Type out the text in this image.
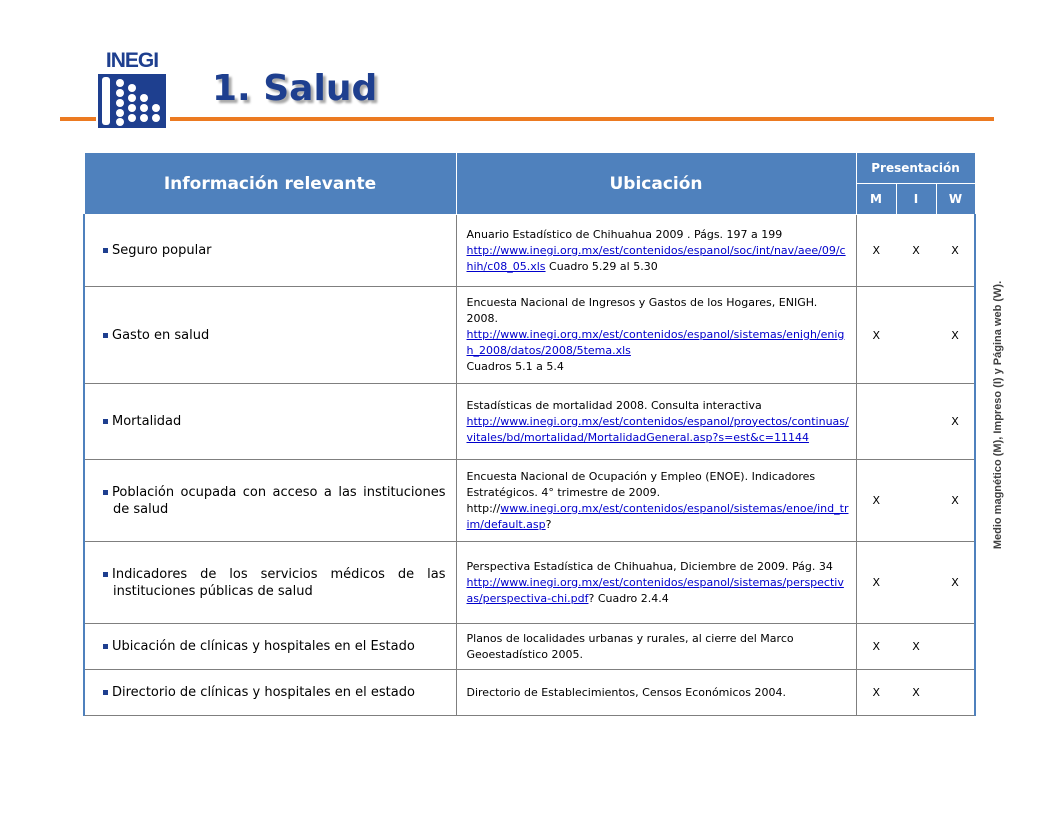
INEGI
1. Salud
Información relevante	Ubicación	Presentación		
		M	I	W

Seguro popular	Anuario Estadístico de Chihuahua 2009 . Págs. 197 a 199
http://www.inegi.org.mx/est/contenidos/espanol/soc/int/nav/aee/09/chih/c08_05.xls Cuadro 5.29 al 5.30	X	X	X

Gasto en salud	Encuesta Nacional de Ingresos y Gastos de los Hogares, ENIGH. 2008.
http://www.inegi.org.mx/est/contenidos/espanol/sistemas/enigh/enigh_2008/datos/2008/5tema.xls
Cuadros 5.1 a 5.4	X		X

Mortalidad	Estadísticas de mortalidad 2008. Consulta interactiva
http://www.inegi.org.mx/est/contenidos/espanol/proyectos/continuas/vitales/bd/mortalidad/MortalidadGeneral.asp?s=est&c=11144			X

Población ocupada con acceso a las instituciones de salud	Encuesta Nacional de Ocupación y Empleo (ENOE). Indicadores Estratégicos. 4° trimestre de 2009.
http://www.inegi.org.mx/est/contenidos/espanol/sistemas/enoe/ind_trim/default.asp?	X		X

Indicadores de los servicios médicos de las instituciones públicas de salud	Perspectiva Estadística de Chihuahua, Diciembre de 2009. Pág. 34
http://www.inegi.org.mx/est/contenidos/espanol/sistemas/perspectivas/perspectiva-chi.pdf? Cuadro 2.4.4	X		X

Ubicación de clínicas y hospitales en el Estado	Planos de localidades urbanas y rurales, al cierre del Marco Geoestadístico 2005.	X	X	

Directorio de clínicas y hospitales en el estado	Directorio de Establecimientos, Censos Económicos 2004.	X	X	
Medio magnético (M), Impreso (I) y Página web (W).
